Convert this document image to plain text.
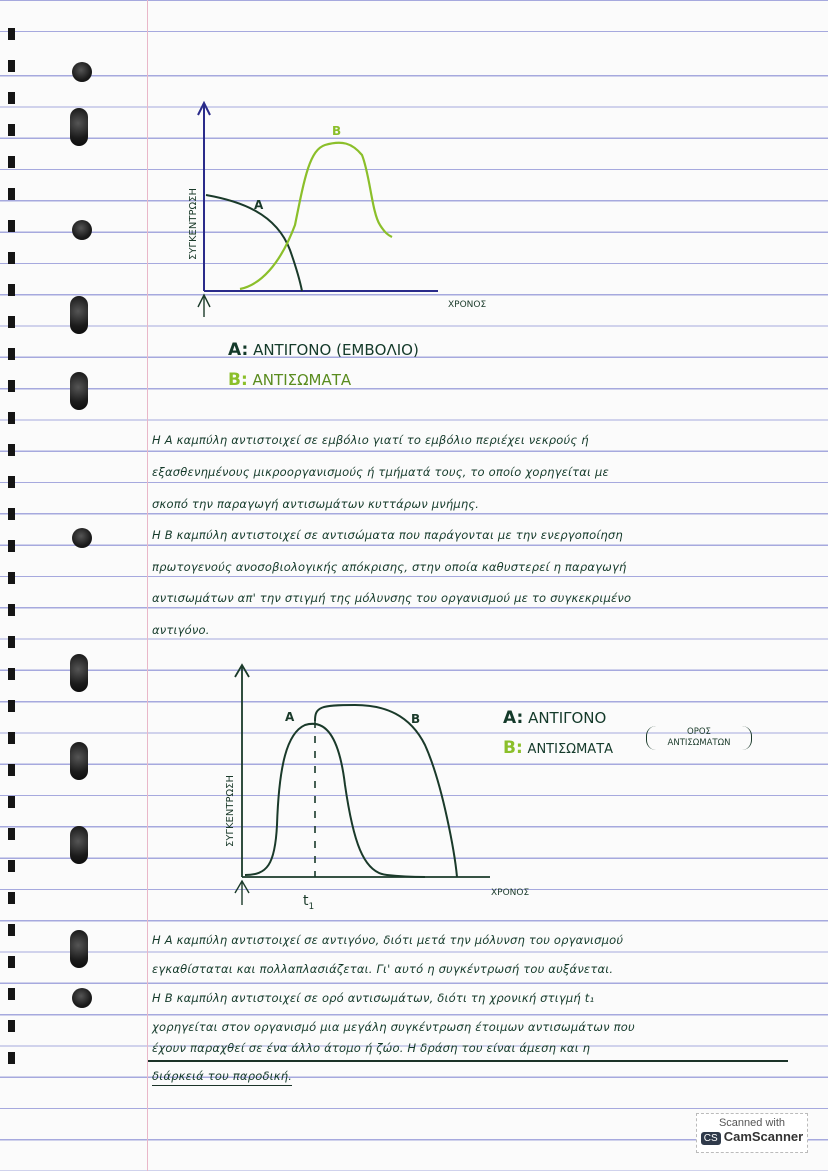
A
B
ΣΥΓΚΕΝΤΡΩΣΗ
ΧΡΟΝΟΣ
A: ΑΝΤΙΓΟΝΟ (ΕΜΒΟΛΙΟ)
B: ΑΝΤΙΣΩΜΑΤΑ
Η A καμπύλη αντιστοιχεί σε εμβόλιο γιατί το εμβόλιο περιέχει νεκρούς ή
εξασθενημένους μικροοργανισμούς ή τμήματά τους, το οποίο χορηγείται με
σκοπό την παραγωγή αντισωμάτων κυττάρων μνήμης.
Η B καμπύλη αντιστοιχεί σε αντισώματα που παράγονται με την ενεργοποίηση
πρωτογενούς ανοσοβιολογικής απόκρισης, στην οποία καθυστερεί η παραγωγή
αντισωμάτων απ' την στιγμή της μόλυνσης του οργανισμού με το συγκεκριμένο
αντιγόνο.
A	B
ΣΥΓΚΕΝΤΡΩΣΗ
ΧΡΟΝΟΣ
$t_1$
A: ΑΝΤΙΓΟΝΟ
B: ΑΝΤΙΣΩΜΑΤΑ
ΟΡΟΣ
ΑΝΤΙΣΩΜΑΤΩΝ
Η A καμπύλη αντιστοιχεί σε αντιγόνο, διότι μετά την μόλυνση του οργανισμού
εγκαθίσταται και πολλαπλασιάζεται. Γι' αυτό η συγκέντρωσή του αυξάνεται.
Η B καμπύλη αντιστοιχεί σε ορό αντισωμάτων, διότι τη χρονική στιγμή t₁
χορηγείται στον οργανισμό μια μεγάλη συγκέντρωση έτοιμων αντισωμάτων που
έχουν παραχθεί σε ένα άλλο άτομο ή ζώο. Η δράση του είναι άμεση και η
διάρκειά του παροδική.
Scanned with
CS CamScanner
